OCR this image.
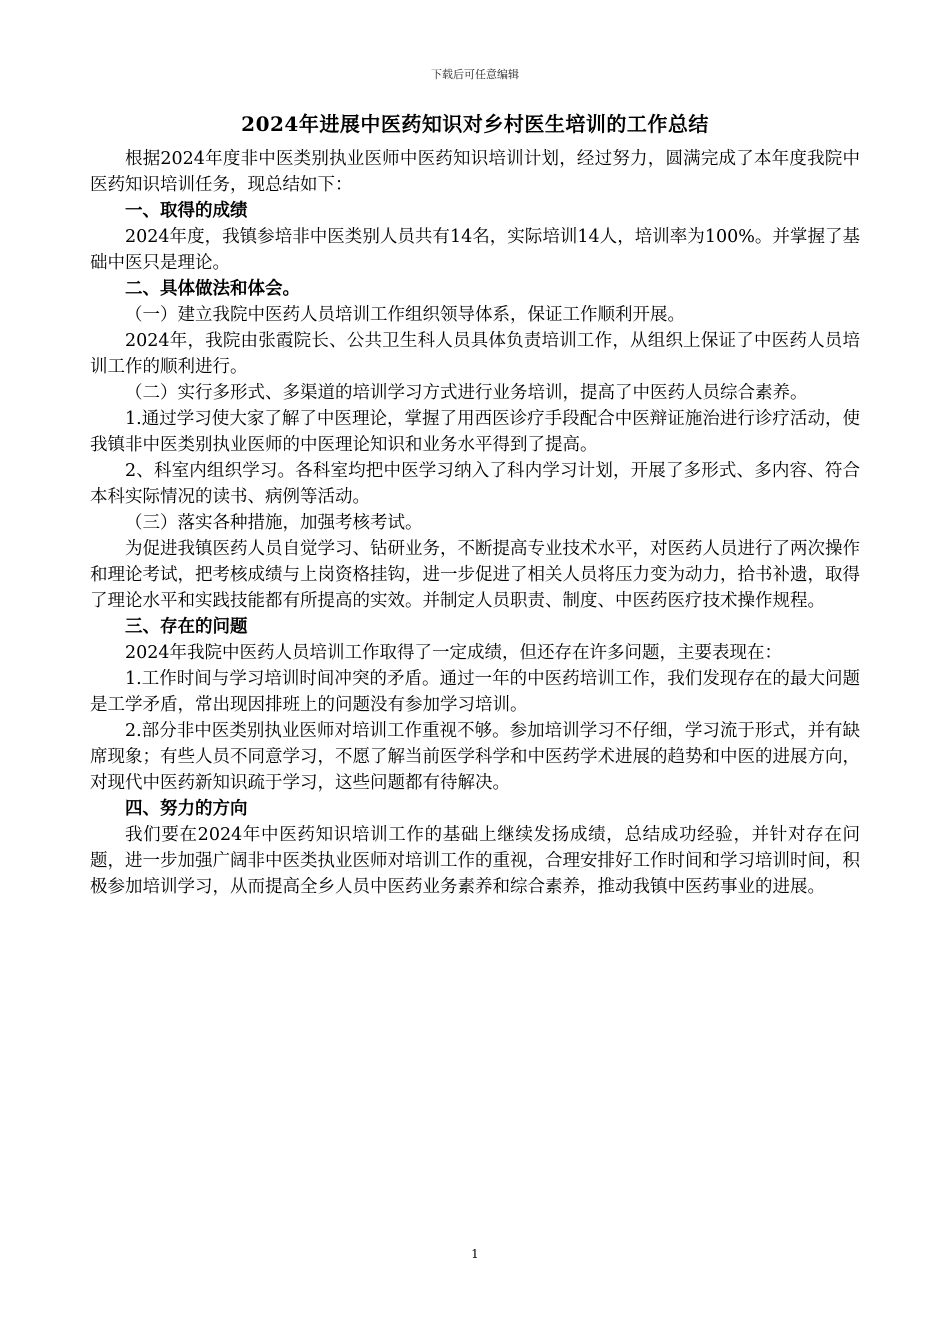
下载后可任意编辑
2024年进展中医药知识对乡村医生培训的工作总结

根据2024年度非中医类别执业医师中医药知识培训计划，经过努力，圆满完成了本年度我院中医药知识培训任务，现总结如下：

一、取得的成绩

2024年度，我镇参培非中医类别人员共有14名，实际培训14人，培训率为100%。并掌握了基础中医只是理论。

二、具体做法和体会。

（一）建立我院中医药人员培训工作组织领导体系，保证工作顺利开展。

2024年，我院由张霞院长、公共卫生科人员具体负责培训工作，从组织上保证了中医药人员培训工作的顺利进行。

（二）实行多形式、多渠道的培训学习方式进行业务培训，提高了中医药人员综合素养。

1.通过学习使大家了解了中医理论，掌握了用西医诊疗手段配合中医辩证施治进行诊疗活动，使我镇非中医类别执业医师的中医理论知识和业务水平得到了提高。

2、科室内组织学习。各科室均把中医学习纳入了科内学习计划，开展了多形式、多内容、符合本科实际情况的读书、病例等活动。

（三）落实各种措施，加强考核考试。

为促进我镇医药人员自觉学习、钻研业务，不断提高专业技术水平，对医药人员进行了两次操作和理论考试，把考核成绩与上岗资格挂钩，进一步促进了相关人员将压力变为动力，拾书补遗，取得了理论水平和实践技能都有所提高的实效。并制定人员职责、制度、中医药医疗技术操作规程。

三、存在的问题

2024年我院中医药人员培训工作取得了一定成绩，但还存在许多问题，主要表现在：

1.工作时间与学习培训时间冲突的矛盾。通过一年的中医药培训工作，我们发现存在的最大问题是工学矛盾，常出现因排班上的问题没有参加学习培训。

2.部分非中医类别执业医师对培训工作重视不够。参加培训学习不仔细，学习流于形式，并有缺席现象；有些人员不同意学习，不愿了解当前医学科学和中医药学术进展的趋势和中医的进展方向，对现代中医药新知识疏于学习，这些问题都有待解决。

四、努力的方向

我们要在2024年中医药知识培训工作的基础上继续发扬成绩，总结成功经验，并针对存在问题，进一步加强广阔非中医类执业医师对培训工作的重视，合理安排好工作时间和学习培训时间，积极参加培训学习，从而提高全乡人员中医药业务素养和综合素养，推动我镇中医药事业的进展。

1
